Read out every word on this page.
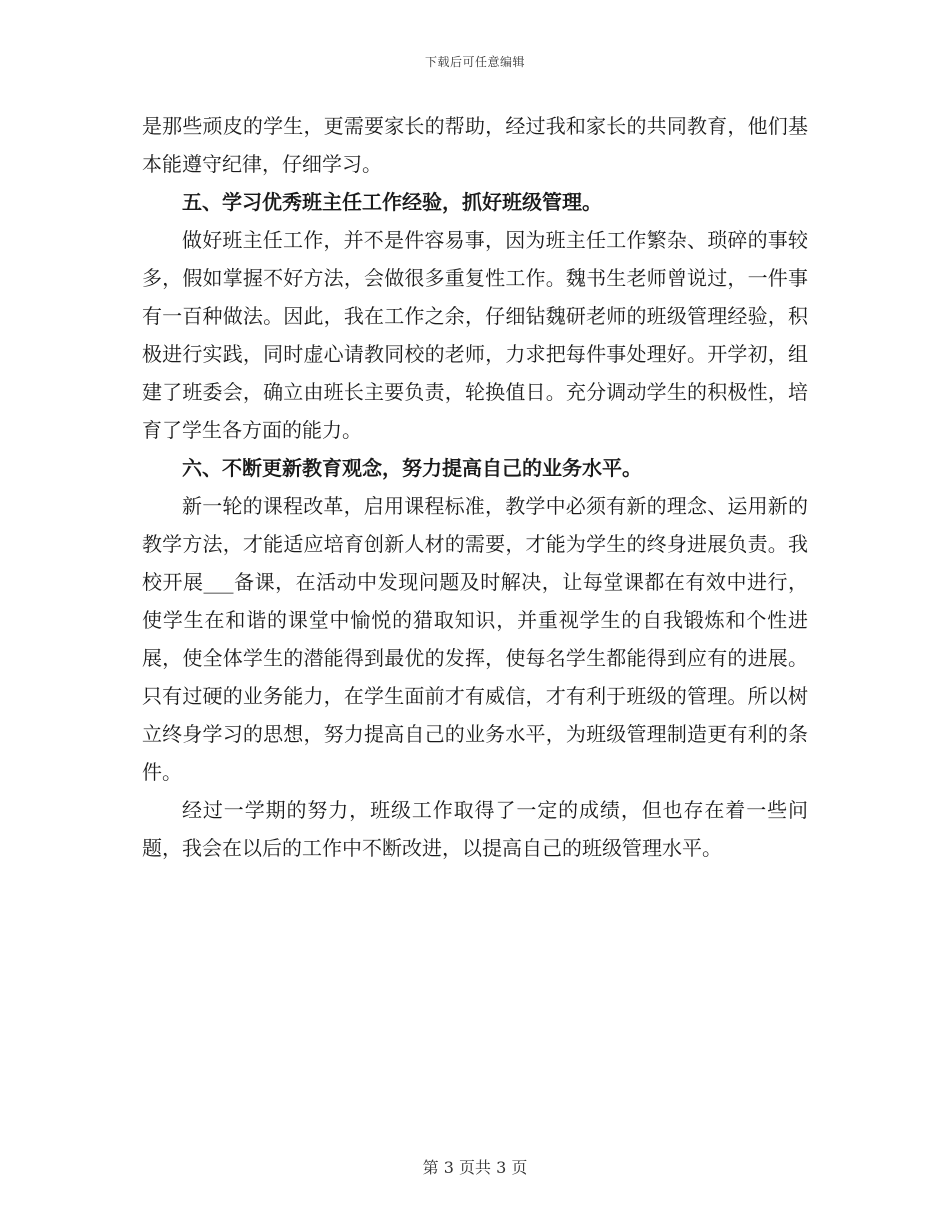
下载后可任意编辑

是那些顽皮的学生，更需要家长的帮助，经过我和家长的共同教育，他们基本能遵守纪律，仔细学习。

五、学习优秀班主任工作经验，抓好班级管理。

做好班主任工作，并不是件容易事，因为班主任工作繁杂、琐碎的事较多，假如掌握不好方法，会做很多重复性工作。魏书生老师曾说过，一件事有一百种做法。因此，我在工作之余，仔细钻魏研老师的班级管理经验，积极进行实践，同时虚心请教同校的老师，力求把每件事处理好。开学初，组建了班委会，确立由班长主要负责，轮换值日。充分调动学生的积极性，培育了学生各方面的能力。

六、不断更新教育观念，努力提高自己的业务水平。

新一轮的课程改革，启用课程标准，教学中必须有新的理念、运用新的教学方法，才能适应培育创新人材的需要，才能为学生的终身进展负责。我校开展___备课，在活动中发现问题及时解决，让每堂课都在有效中进行，使学生在和谐的课堂中愉悦的猎取知识，并重视学生的自我锻炼和个性进展，使全体学生的潜能得到最优的发挥，使每名学生都能得到应有的进展。只有过硬的业务能力，在学生面前才有威信，才有利于班级的管理。所以树立终身学习的思想，努力提高自己的业务水平，为班级管理制造更有利的条件。

经过一学期的努力，班级工作取得了一定的成绩，但也存在着一些问题，我会在以后的工作中不断改进，以提高自己的班级管理水平。

第 3 页共 3 页
